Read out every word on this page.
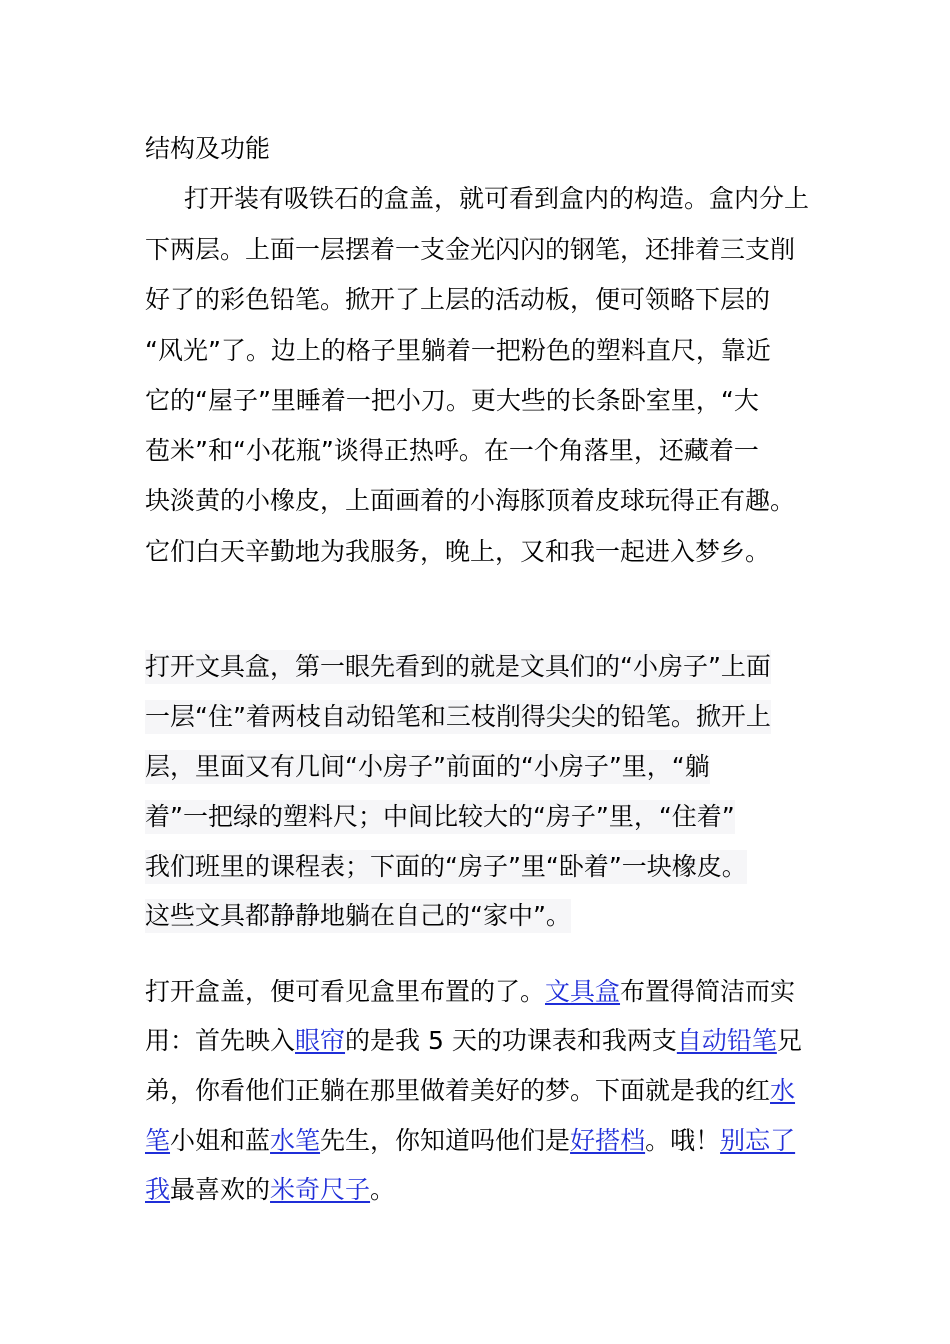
结构及功能
打开装有吸铁石的盒盖，就可看到盒内的构造。盒内分上
下两层。上面一层摆着一支金光闪闪的钢笔，还排着三支削
好了的彩色铅笔。掀开了上层的活动板，便可领略下层的
“风光”了。边上的格子里躺着一把粉色的塑料直尺，靠近
它的“屋子”里睡着一把小刀。更大些的长条卧室里，“大
苞米”和“小花瓶”谈得正热呼。在一个角落里，还藏着一
块淡黄的小橡皮，上面画着的小海豚顶着皮球玩得正有趣。
它们白天辛勤地为我服务，晚上，又和我一起进入梦乡。
打开文具盒，第一眼先看到的就是文具们的“小房子”上面
一层“住”着两枝自动铅笔和三枝削得尖尖的铅笔。掀开上
层，里面又有几间“小房子”前面的“小房子”里，“躺
着”一把绿的塑料尺；中间比较大的“房子”里，“住着”
我们班里的课程表；下面的“房子”里“卧着”一块橡皮。
这些文具都静静地躺在自己的“家中”。
打开盒盖，便可看见盒里布置的了。文具盒布置得简洁而实
用：首先映入眼帘的是我 5 天的功课表和我两支自动铅笔兄
弟，你看他们正躺在那里做着美好的梦。下面就是我的红水
笔小姐和蓝水笔先生，你知道吗他们是好搭档。哦！别忘了
我最喜欢的米奇尺子。
